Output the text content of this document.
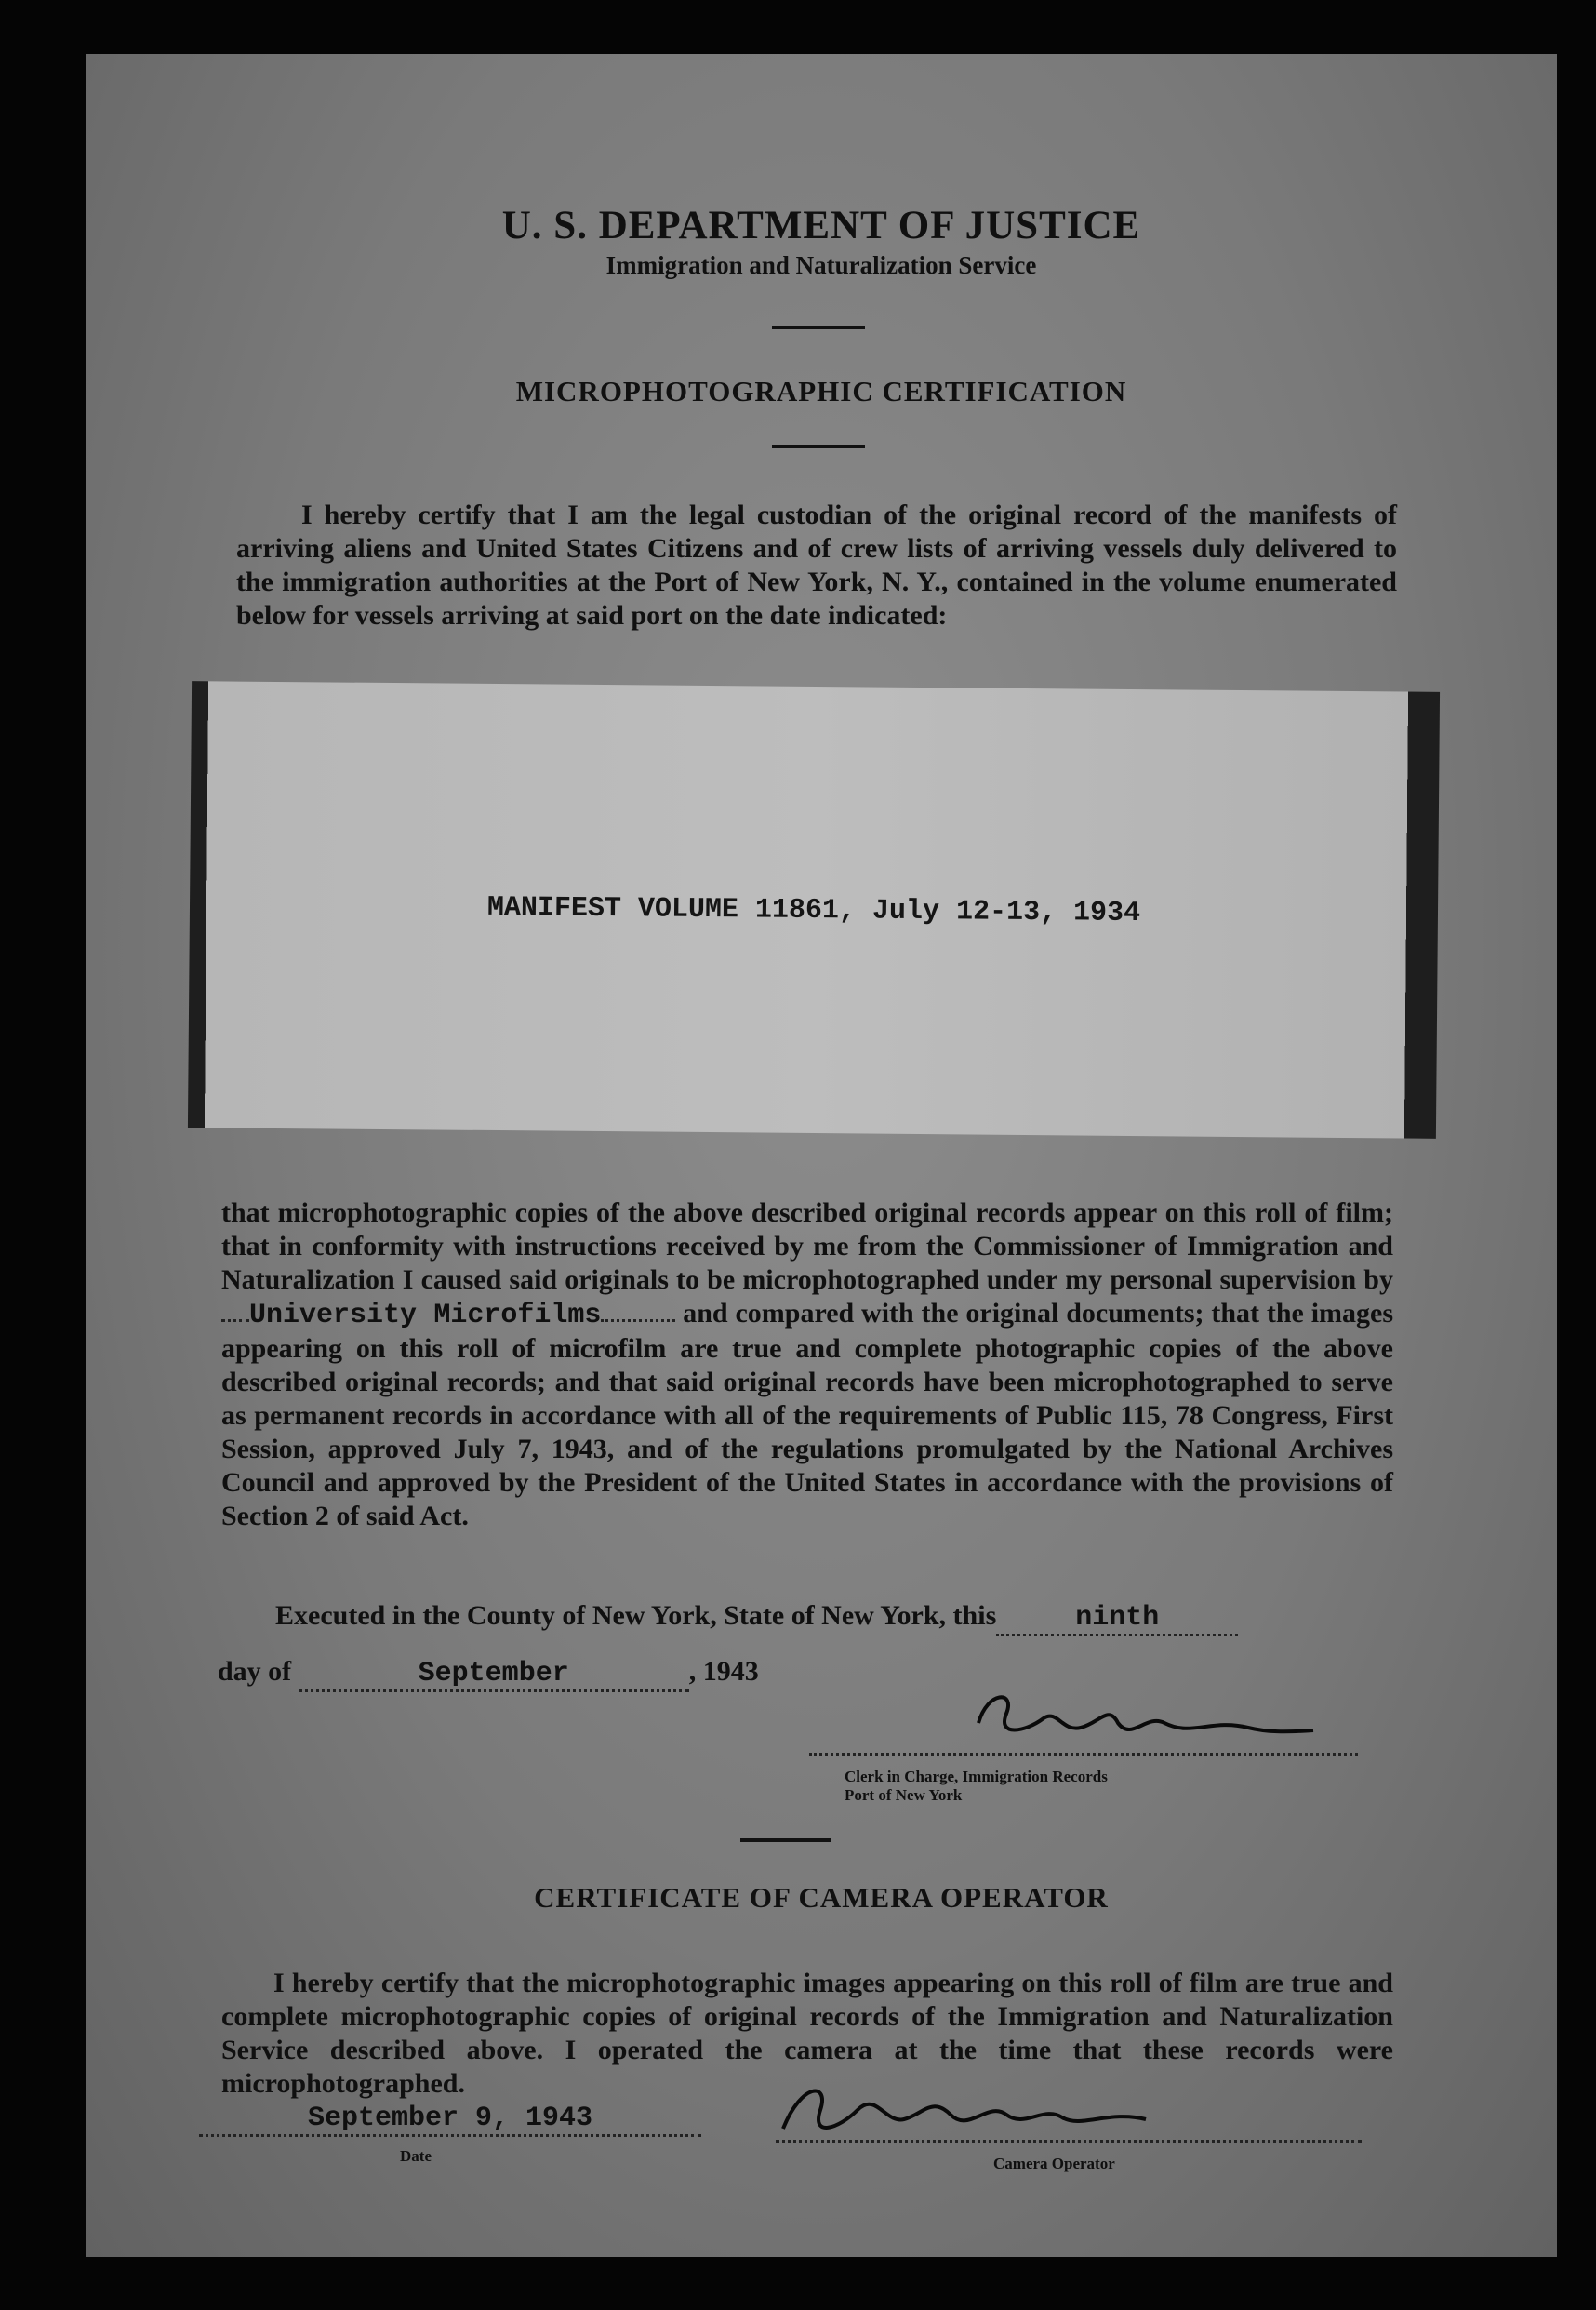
U. S. DEPARTMENT OF JUSTICE
Immigration and Naturalization Service
MICROPHOTOGRAPHIC CERTIFICATION

I hereby certify that I am the legal custodian of the original record of the manifests of arriving aliens and United States Citizens and of crew lists of arriving vessels duly delivered to the immigration authorities at the Port of New York, N. Y., contained in the volume enumerated below for vessels arriving at said port on the date indicated:

MANIFEST VOLUME 11861, July 12-13, 1934

that microphotographic copies of the above described original records appear on this roll of film; that in conformity with instructions received by me from the Commissioner of Immigration and Naturalization I caused said originals to be microphotographed under my personal supervision byUniversity Microfilms	and compared with the original documents; that the images appearing on this roll of microfilm are true and complete photographic copies of the above described original records; and that said original records have been microphotographed to serve as permanent records in accordance with all of the requirements of Public 115, 78 Congress, First Session, approved July 7, 1943, and of the regulations promulgated by the National Archives Council and approved by the President of the United States in accordance with the provisions of Section 2 of said Act.

Executed in the County of New York, State of New York, this	ninth
day of	September	, 1943
Clerk in Charge, Immigration Records
Port of New York
CERTIFICATE OF CAMERA OPERATOR

I hereby certify that the microphotographic images appearing on this roll of film are true and complete microphotographic copies of original records of the Immigration and Naturalization Service described above. I operated the camera at the time that these records were microphotographed.

September 9, 1943
Date	Camera Operator
